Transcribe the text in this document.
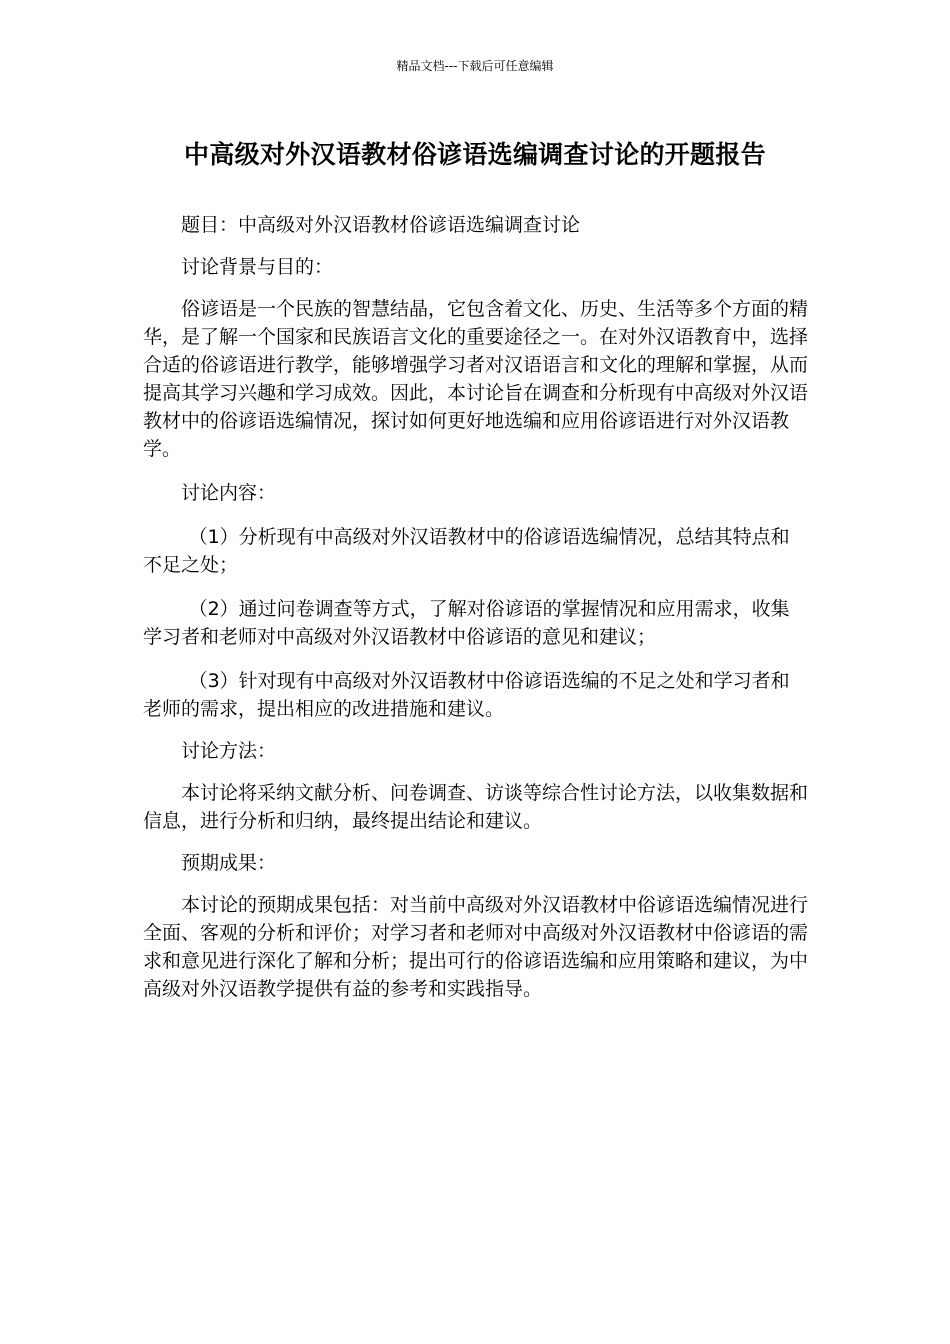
精品文档---下载后可任意编辑
中高级对外汉语教材俗谚语选编调查讨论的开题报告

题目：中高级对外汉语教材俗谚语选编调查讨论

讨论背景与目的：

俗谚语是一个民族的智慧结晶，它包含着文化、历史、生活等多个方面的精华，是了解一个国家和民族语言文化的重要途径之一。在对外汉语教育中，选择合适的俗谚语进行教学，能够增强学习者对汉语语言和文化的理解和掌握，从而提高其学习兴趣和学习成效。因此，本讨论旨在调查和分析现有中高级对外汉语教材中的俗谚语选编情况，探讨如何更好地选编和应用俗谚语进行对外汉语教学。

讨论内容：

（1）分析现有中高级对外汉语教材中的俗谚语选编情况，总结其特点和不足之处；

（2）通过问卷调查等方式，了解对俗谚语的掌握情况和应用需求，收集学习者和老师对中高级对外汉语教材中俗谚语的意见和建议；

（3）针对现有中高级对外汉语教材中俗谚语选编的不足之处和学习者和老师的需求，提出相应的改进措施和建议。

讨论方法：

本讨论将采纳文献分析、问卷调查、访谈等综合性讨论方法，以收集数据和信息，进行分析和归纳，最终提出结论和建议。

预期成果：

本讨论的预期成果包括：对当前中高级对外汉语教材中俗谚语选编情况进行全面、客观的分析和评价；对学习者和老师对中高级对外汉语教材中俗谚语的需求和意见进行深化了解和分析；提出可行的俗谚语选编和应用策略和建议，为中高级对外汉语教学提供有益的参考和实践指导。
